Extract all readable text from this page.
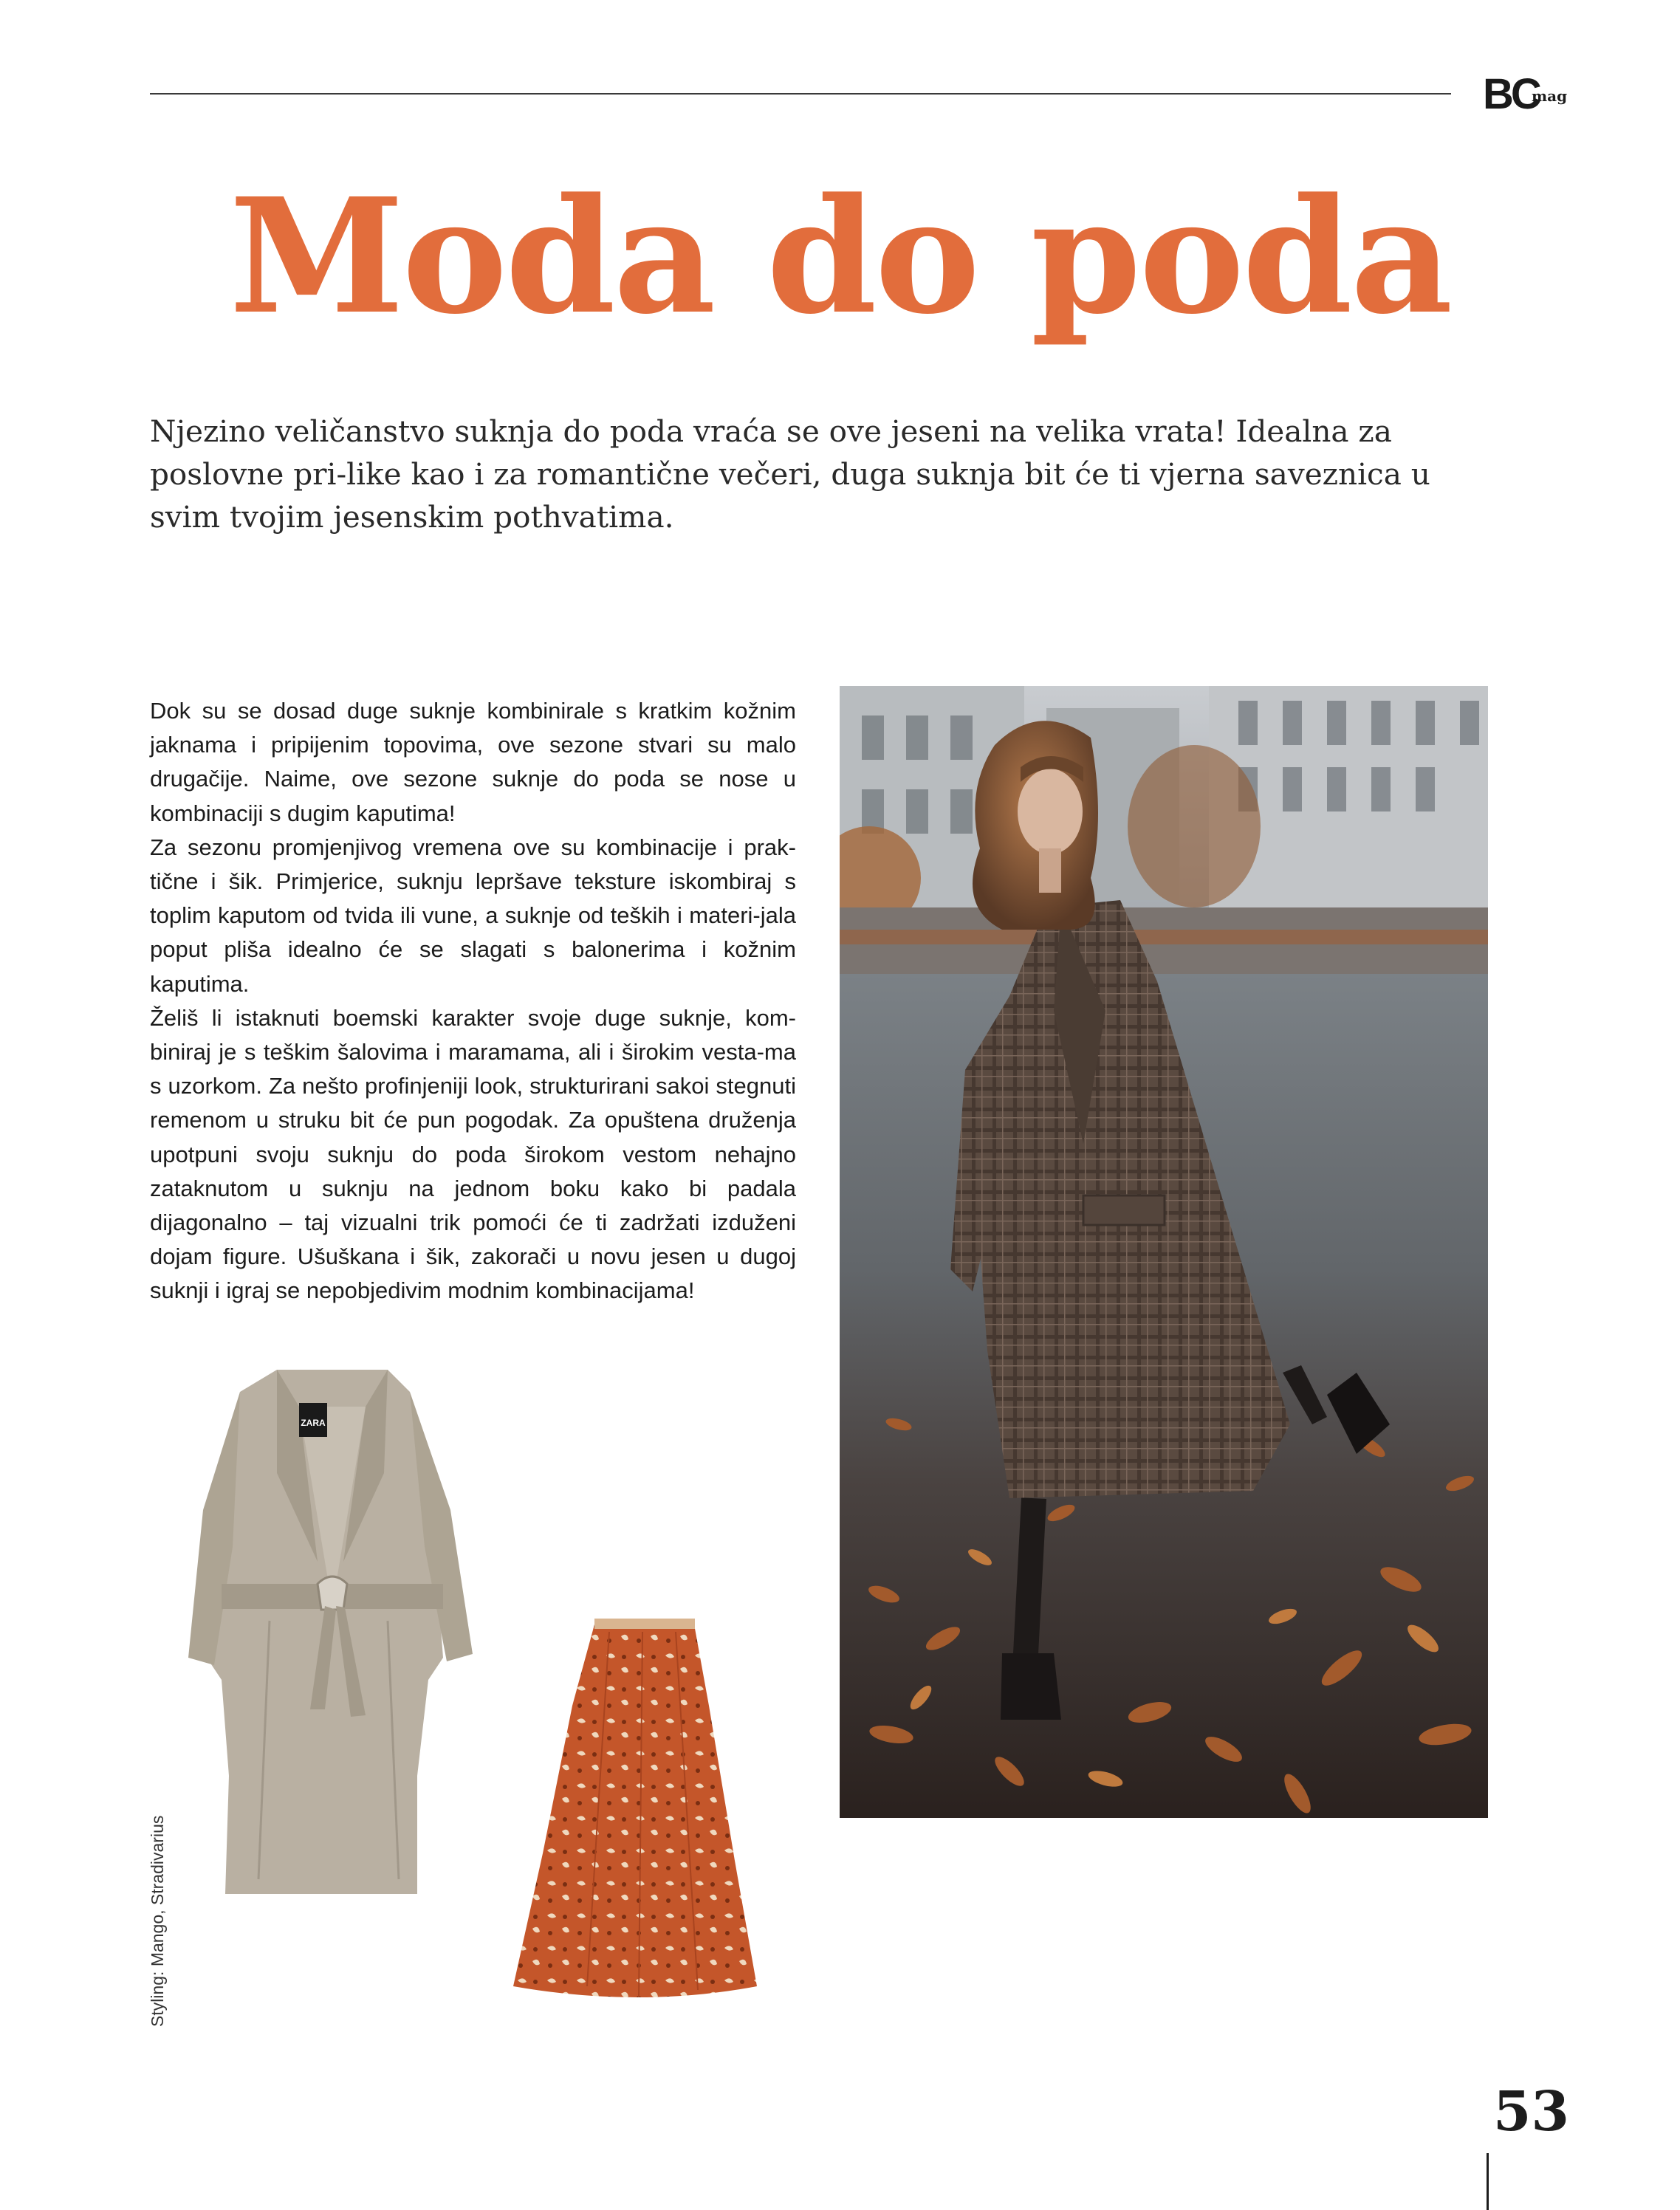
BC
mag
Moda do poda

Njezino veličanstvo suknja do poda vraća se ove jeseni na velika vrata! Idealna za poslovne pri-like kao i za romantične večeri, duga suknja bit će ti vjerna saveznica u svim tvojim jesenskim pothvatima.

Dok su se dosad duge suknje kombinirale s kratkim kožnim jaknama i pripijenim topovima, ove sezone stvari su malo drugačije. Naime, ove sezone suknje do poda se nose u kombinaciji s dugim kaputima!

Za sezonu promjenjivog vremena ove su kombinacije i prak-tične i šik. Primjerice, suknju lepršave teksture iskombiraj s toplim kaputom od tvida ili vune, a suknje od teških i materi-jala poput pliša idealno će se slagati s balonerima i kožnim kaputima.

Želiš li istaknuti boemski karakter svoje duge suknje, kom-biniraj je s teškim šalovima i maramama, ali i širokim vesta-ma s uzorkom. Za nešto profinjeniji look, strukturirani sakoi stegnuti remenom u struku bit će pun pogodak. Za opuštena druženja upotpuni svoju suknju do poda širokom vestom nehajno zataknutom u suknju na jednom boku kako bi padala dijagonalno – taj vizualni trik pomoći će ti zadržati izduženi dojam figure. Ušuškana i šik, zakorači u novu jesen u dugoj suknji i igraj se nepobjedivim modnim kombinacijama!

ZARA
Styling: Mango, Stradivarius
53
